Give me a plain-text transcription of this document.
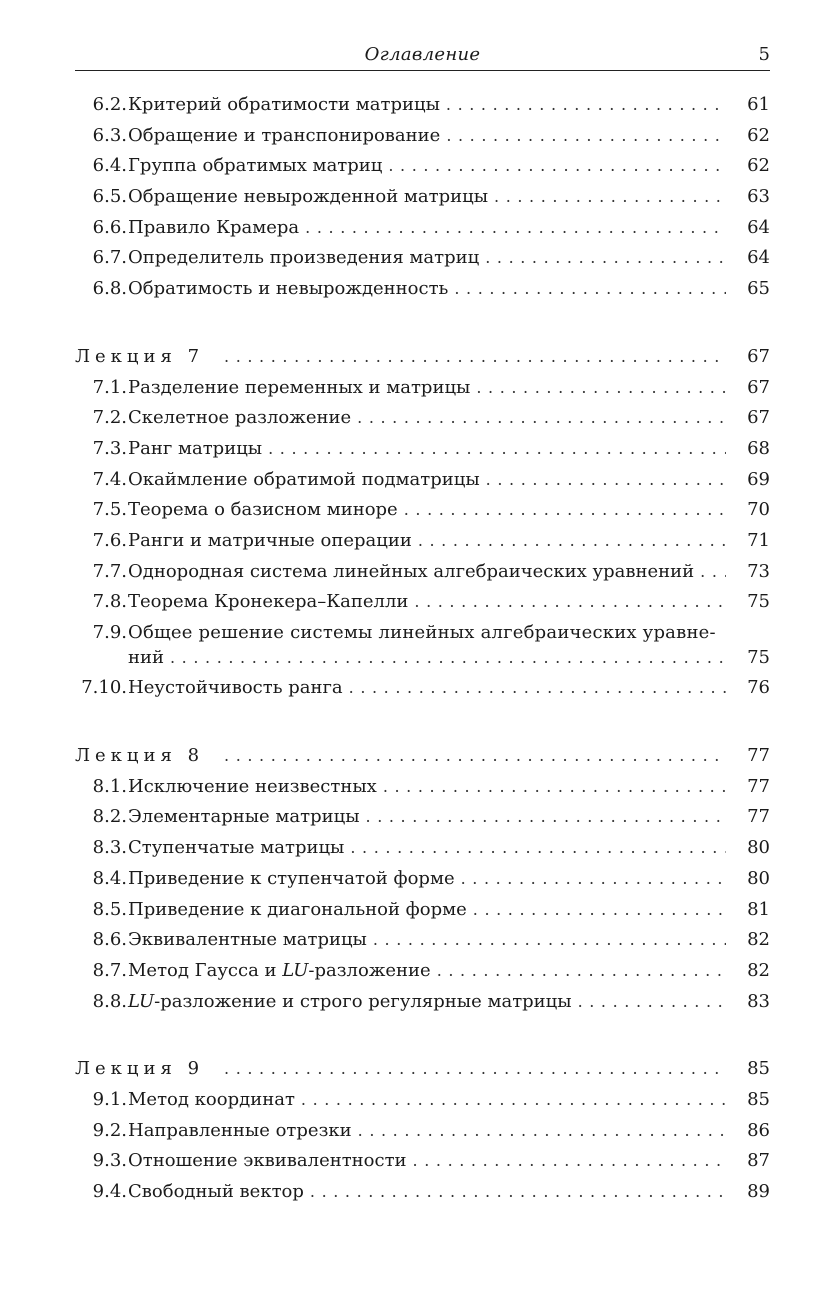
Оглавление	5
6.2. Критерий обратимости матрицы . . .	61
6.3. Обращение и транспонирование . . .	62
6.4. Группа обратимых матриц . . .	62
6.5. Обращение невырожденной матрицы . . .	63
6.6. Правило Крамера . . .	64
6.7. Определитель произведения матриц . . .	64
6.8. Обратимость и невырожденность . . .	65
Лекция 7 . . .	67
7.1. Разделение переменных и матрицы . . .	67
7.2. Скелетное разложение . . .	67
7.3. Ранг матрицы . . .	68
7.4. Окаймление обратимой подматрицы . . .	69
7.5. Теорема о базисном миноре . . .	70
7.6. Ранги и матричные операции . . .	71
7.7. Однородная система линейных алгебраических уравнений . . .	73
7.8. Теорема Кронекера–Капелли . . .	75
7.9. Общее решение системы линейных алгебраических уравне-
ний . . .	75
7.10. Неустойчивость ранга . . .	76
Лекция 8 . . .	77
8.1. Исключение неизвестных . . .	77
8.2. Элементарные матрицы . . .	77
8.3. Ступенчатые матрицы . . .	80
8.4. Приведение к ступенчатой форме . . .	80
8.5. Приведение к диагональной форме . . .	81
8.6. Эквивалентные матрицы . . .	82
8.7. Метод Гаусса и LU-разложение . . .	82
8.8. LU-разложение и строго регулярные матрицы . . .	83
Лекция 9 . . .	85
9.1. Метод координат . . .	85
9.2. Направленные отрезки . . .	86
9.3. Отношение эквивалентности . . .	87
9.4. Свободный вектор . . .	89
